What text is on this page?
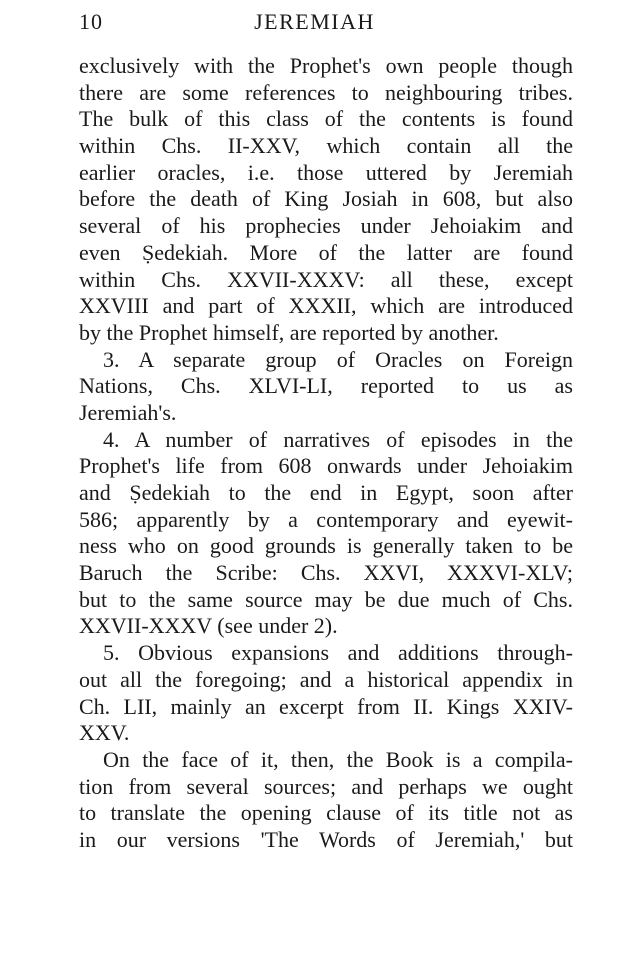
10	JEREMIAH
exclusively with the Prophet's own people though
there are some references to neighbouring tribes.
The bulk of this class of the contents is found
within Chs. II-XXV, which contain all the
earlier oracles, i.e. those uttered by Jeremiah
before the death of King Josiah in 608, but also
several of his prophecies under Jehoiakim and
even Ṣedekiah. More of the latter are found
within Chs. XXVII-XXXV: all these, except
XXVIII and part of XXXII, which are introduced
by the Prophet himself, are reported by another.
3. A separate group of Oracles on Foreign
Nations, Chs. XLVI-LI, reported to us as
Jeremiah's.
4. A number of narratives of episodes in the
Prophet's life from 608 onwards under Jehoiakim
and Ṣedekiah to the end in Egypt, soon after
586; apparently by a contemporary and eyewit-
ness who on good grounds is generally taken to be
Baruch the Scribe: Chs. XXVI, XXXVI-XLV;
but to the same source may be due much of Chs.
XXVII-XXXV (see under 2).
5. Obvious expansions and additions through-
out all the foregoing; and a historical appendix in
Ch. LII, mainly an excerpt from II. Kings XXIV-
XXV.
On the face of it, then, the Book is a compila-
tion from several sources; and perhaps we ought
to translate the opening clause of its title not as
in our versions 'The Words of Jeremiah,' but
